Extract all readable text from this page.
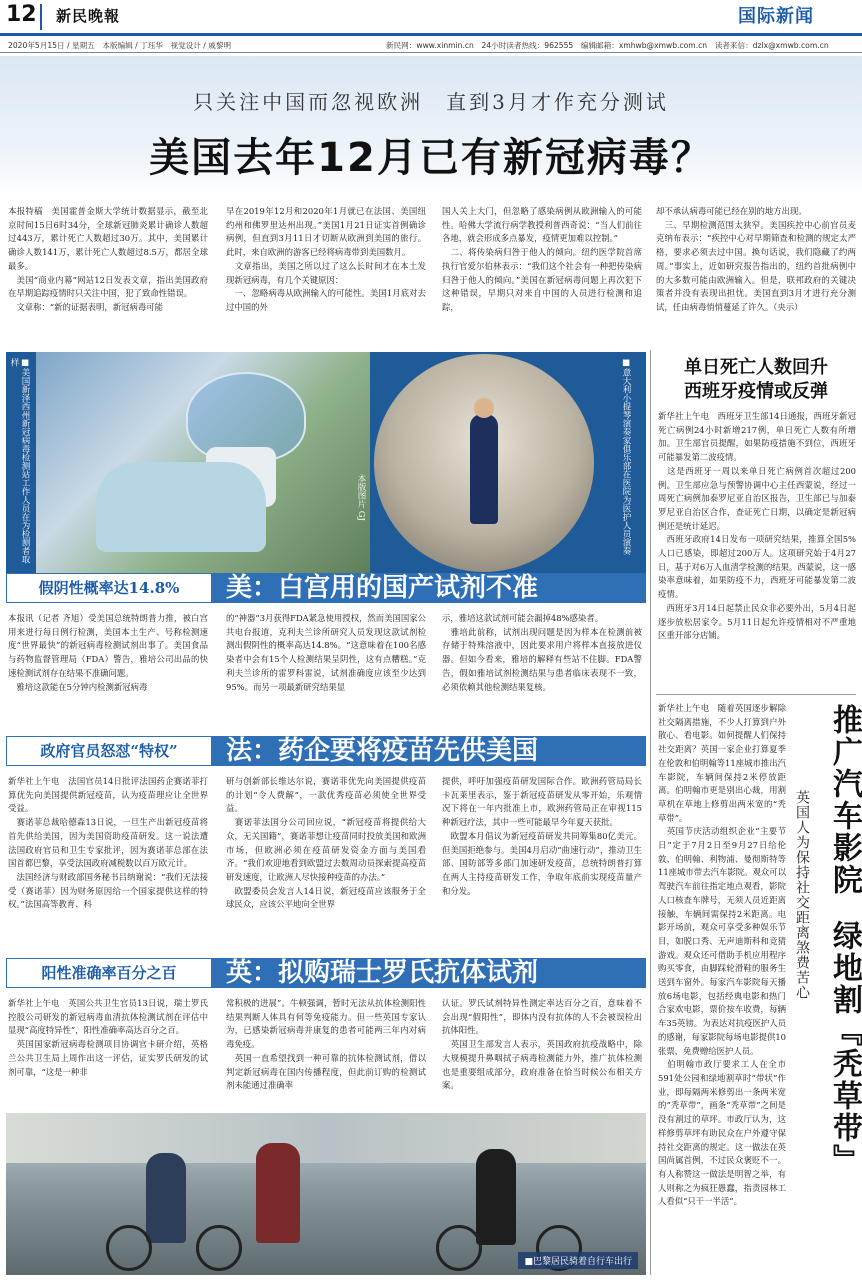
12 新民晚報	国际新闻
2020年5月15日 / 星期五　本版编辑 / 丁珏华　视觉设计 / 戚黎明	新民网：www.xinmin.cn　24小时读者热线：962555　编辑邮箱：xmhwb@xmwb.com.cn　读者来信：dzlx@xmwb.com.cn
只关注中国而忽视欧洲　直到3月才作充分测试
美国去年12月已有新冠病毒？
本报特稿　美国霍普金斯大学统计数据显示，截至北京时间15日6时34分，全球新冠肺炎累计确诊人数超过443万，累计死亡人数超过30万。其中，美国累计确诊人数141万，累计死亡人数超过8.5万，都居全球最多。
　美国“商业内幕”网站12日发表文章，指出美国政府在早期追踪疫情时只关注中国，犯了致命性错误。
　文章称：“新的证据表明，新冠病毒可能
早在2019年12月和2020年1月就已在法国、美国纽约州和佛罗里达州出现。”美国1月21日证实首例确诊病例，但直到3月11日才切断从欧洲到美国的旅行。此时，来自欧洲的游客已经将病毒带到美国数月。
　文章指出，美国之所以过了这么长时间才在本土发现新冠病毒，有几个关键原因：
　一、忽略病毒从欧洲输入的可能性。美国1月底对去过中国的外
国人关上大门，但忽略了感染病例从欧洲输入的可能性。哈佛大学流行病学教授利普西奇说：“当人们前往各地，就会形成多点暴发，疫情更加难以控制。”
　二、将传染病归咎于他人的倾向。纽约医学院首席执行官爱尔伯林表示：“我们这个社会有一种把传染病归咎于他人的倾向。”美国在新冠病毒问题上再次犯下这种错误，早期只对来自中国的人员进行检测和追踪，
却不承认病毒可能已经在别的地方出现。
　三、早期检测范围太狭窄。美国疾控中心前官员麦克纳布表示：“疾控中心对早期筛查和检测的规定太严格，要求必须去过中国。换句话说，我们隐藏了约两周。”事实上，近如研究报告指出的，纽约首批病例中的大多数可能由欧洲输入。但是，联邦政府的关键决策者并没有表现出担忧。美国直到3月才进行充分测试，任由病毒悄悄蔓延了许久。（央示）
■美国新泽西州新冠病毒检测站工作人员在为检测者取样
本版图片 GJ	■意大利小提琴演奏家俱乐部在医院为医护人员演奏
假阴性概率达14.8%	美：白宫用的国产试剂不准
本报讯（记者 齐旭）受美国总统特朗普力推，被白宫用来进行每日例行检测，美国本土生产、号称检测速度“世界最快”的新冠病毒检测试剂出事了。美国食品与药物监督管理局（FDA）警告，雅培公司出品的快速检测试剂存在结果不准确问题。
　雅培这款能在5分钟内检测新冠病毒
的“神器”3月获得FDA紧急使用授权，然而美国国家公共电台报道，克利夫兰诊所研究人员发现这款试剂检测出假阴性的概率高达14.8%。“这意味着在100名感染者中会有15个人检测结果呈阴性，这有点糟糕。”克利夫兰诊所的雷罗科雷说，试剂准确度应该至少达到95%。而另一项最新研究结果显
示，雅培这款试剂可能会漏掉48%感染者。
　雅培此前称，试剂出现问题是因为样本在检测前被存储于特殊溶液中，因此要求用户将样本直接放进仪器。但如今看来，雅培的解释有些站不住脚。FDA警告，假如雅培试剂检测结果与患者临床表现不一致，必须依赖其他检测结果复核。
政府官员怒怼“特权”	法：药企要将疫苗先供美国
新华社上午电　法国官员14日批评法国药企赛诺菲打算优先向美国提供新冠疫苗，认为疫苗理应让全世界受益。
　赛诺菲总裁哈德森13日说，一旦生产出新冠疫苗将首先供给美国，因为美国资助疫苗研发。这一说法遭法国政府官员和卫生专家批评，因为赛诺菲总部在法国首都巴黎，享受法国政府减税数以百万欧元计。
　法国经济与财政部国务秘书吕纳谢说：“我们无法接受（赛诺菲）因为财务原因给一个国家提供这样的特权。”法国高等教育、科
研与创新部长维达尔说，赛诺菲优先向美国提供疫苗的计划“令人费解”，一款优秀疫苗必须使全世界受益。
　赛诺菲法国分公司回应说，“新冠疫苗将提供给大众，无关国籍”，赛诺菲想让疫苗同时投放美国和欧洲市场，但欧洲必须在疫苗研发资金方面与美国看齐。“我们欢迎地看到欧盟过去数周动员探索提高疫苗研发速度，让欧洲人尽快接种疫苗的办法。”
　欧盟委员会发言人14日说，新冠疫苗应该服务于全球民众，应该公平地向全世界
提供，呼吁加强疫苗研发国际合作。欧洲药管局局长卡瓦莱里表示，鉴于新冠疫苗研发从零开始，乐观情况下将在一年内批准上市，欧洲药管局正在审视115种新冠疗法，其中一些可能最早今年夏天获批。
　欧盟本月倡议为新冠疫苗研发共同筹集80亿美元。但美国拒绝参与。美国4月启动“曲速行动”，推动卫生部、国防部等多部门加速研发疫苗，总统特朗普打算在两人主持疫苗研发工作，争取年底前实现疫苗量产和分发。
阳性准确率百分之百	英：拟购瑞士罗氏抗体试剂
新华社上午电　英国公共卫生官员13日说，瑞士罗氏控股公司研发的新冠病毒血清抗体检测试剂在评估中显现“高度特异性”，阳性准确率高达百分之百。
　英国国家新冠病毒检测项目协调官卡研介绍，英格兰公共卫生局上周作出这一评估，证实罗氏研发的试剂可靠，“这是一种非
常积极的进展”。牛顿强调，暂时无法从抗体检测阳性结果判断人体具有何等免疫能力。但一些英国专家认为，已感染新冠病毒并康复的患者可能两三年内对病毒免疫。
　英国一直希望找到一种可靠的抗体检测试剂，借以判定新冠病毒在国内传播程度，但此前订购的检测试剂未能通过准确率
认证。罗氏试剂特异性测定率达百分之百，意味着不会出现“假阳性”，即体内没有抗体的人不会被误检出抗体阳性。
　英国卫生部发言人表示，英国政府抗疫战略中，除大规模提升鼻咽拭子病毒检测能力外，推广抗体检测也是重要组成部分，政府准备在恰当时候公布相关方案。
■巴黎居民骑着自行车出行
单日死亡人数回升
西班牙疫情或反弹
新华社上午电　西班牙卫生部14日通报，西班牙新冠死亡病例24小时新增217例，单日死亡人数有所增加。卫生部官员提醒，如果防疫措施不到位，西班牙可能暴发第二波疫情。
　这是西班牙一周以来单日死亡病例首次超过200例。卫生部应急与预警协调中心主任西蒙说，经过一周死亡病例加泰罗尼亚自治区报告，卫生部已与加泰罗尼亚自治区合作，查证死亡日期，以确定是新冠病例还是统计延迟。
　西班牙政府14日发布一项研究结果，推算全国5%人口已感染，即超过200万人。这项研究始于4月27日，基于对6万人血清学检测的结果。西蒙说，这一感染率意味着，如果防疫不力，西班牙可能暴发第二波疫情。
　西班牙3月14日起禁止民众非必要外出，5月4日起逐步放松居家令。5月11日起允许疫情相对不严重地区重开部分店铺。
新华社上午电　随着英国逐步解除社交隔离措施，不少人打算到户外散心、看电影。如何提醒人们保持社交距离？英国一家企业打算夏季在伦敦和伯明翰等11座城市推出汽车影院，车辆间保持2米停放距离。伯明翰市更是别出心裁，用割草机在草地上修剪出两米宽的“秃草带”。
　英国节庆活动组织企业“主要节日”定于7月2日至9月27日给伦敦、伯明翰、利物浦、曼彻斯特等11座城市带去汽车影院。观众可以驾驶汽车前往指定地点观看，影院人口核查车牌号，无须人员近距离接触，车辆间需保持2米距离。电影开场前，观众可享受多种娱乐节目，如脱口秀、无声迪斯科和竞猜游戏。观众还可借助手机应用程序购买零食，由脚踩轮滑鞋的服务生送到车窗外。每家汽车影院每天播放6场电影，包括经典电影和热门合家欢电影，票价按车收费，每辆车35英镑。为表达对抗疫医护人员的感谢，每家影院每场电影提供10张票，免费赠给医护人员。
　伯明翰市政厅要求工人在全市591处公园和绿地割草时“带状”作业，即每隔两米修剪出一条两米宽的“秃草带”，画条“秃草带”之间是没有割过的草坪。市政厅认为，这样修剪草坪有助民众在户外遵守保持社交距离的规定。这一做法在英国尚属首例，不过民众褒贬不一。有人称赞这一做法是明智之举，有人则称之为疯狂愚蠢，指责园林工人看似“只干一半活”。
推广汽车影院
绿地割『秃草带』
英国人为保持社交距离煞费苦心
